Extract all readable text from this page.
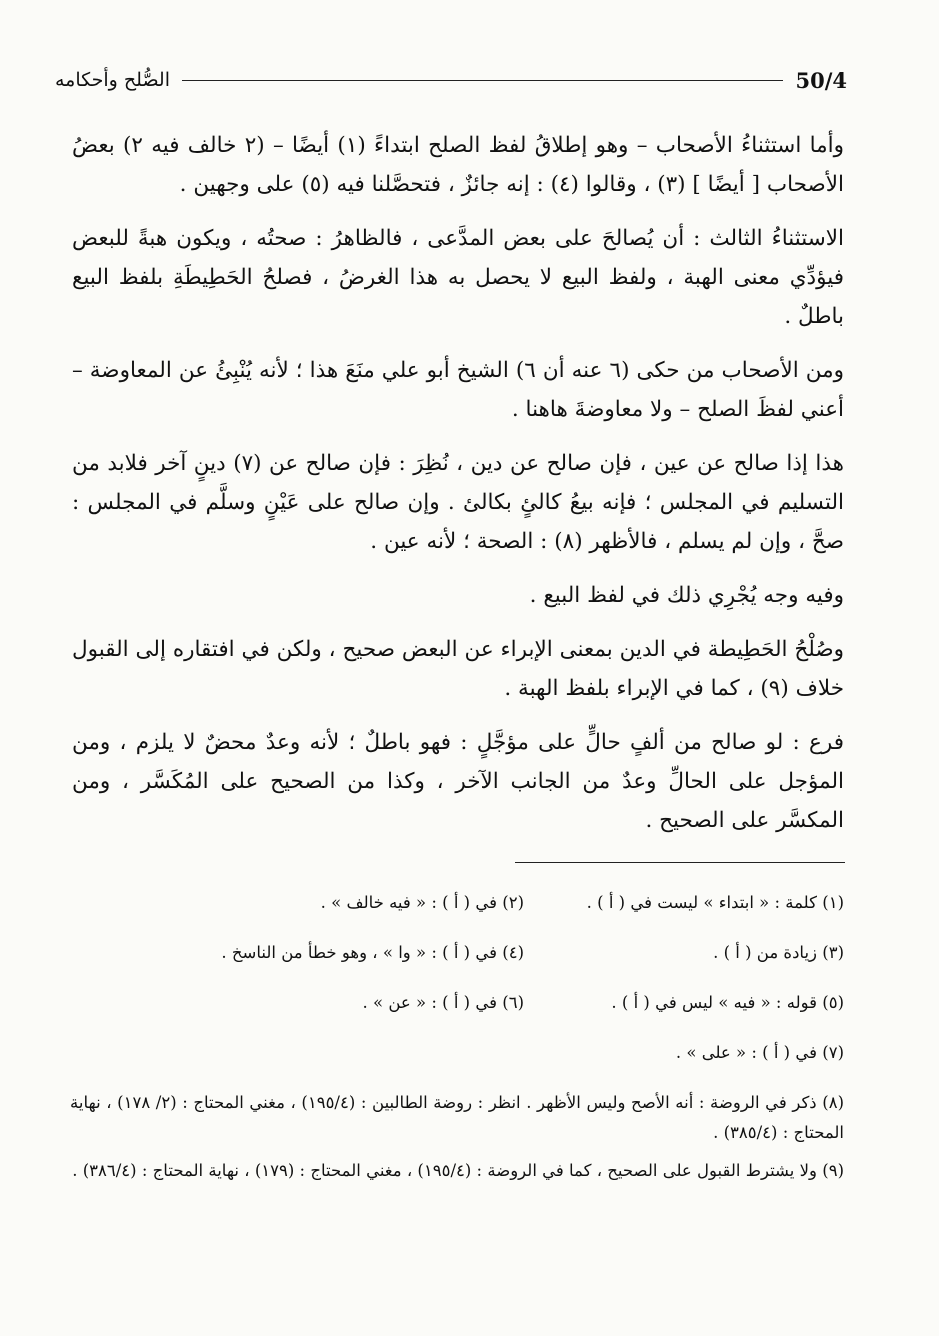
الصُّلح وأحكامه	50/4

وأما استثناءُ الأصحاب – وهو إطلاقُ لفظ الصلح ابتداءً (١) أيضًا – (٢ خالف فيه ٢) بعضُ الأصحاب [ أيضًا ] (٣) ، وقالوا (٤) : إنه جائزٌ ، فتحصَّلنا فيه (٥) على وجهين .

الاستثناءُ الثالث : أن يُصالحَ على بعض المدَّعى ، فالظاهرُ : صحتُه ، ويكون هبةً للبعض فيؤدِّي معنى الهبة ، ولفظ البيع لا يحصل به هذا الغرضُ ، فصلحُ الحَطِيطَةِ بلفظ البيع باطلٌ .

ومن الأصحاب من حكى (٦ عنه أن ٦) الشيخ أبو علي منَعَ هذا ؛ لأنه يُنْبِئُ عن المعاوضة – أعني لفظَ الصلح – ولا معاوضةَ هاهنا .

هذا إذا صالح عن عين ، فإن صالح عن دين ، نُظِرَ : فإن صالح عن (٧) دينٍ آخر فلابد من التسليم في المجلس ؛ فإنه بيعُ كالئٍ بكالئ . وإن صالح على عَيْنٍ وسلَّم في المجلس : صحَّ ، وإن لم يسلم ، فالأظهر (٨) : الصحة ؛ لأنه عين .

وفيه وجه يُجْرِي ذلك في لفظ البيع .

وصُلْحُ الحَطِيطة في الدين بمعنى الإبراء عن البعض صحيح ، ولكن في افتقاره إلى القبول خلاف (٩) ، كما في الإبراء بلفظ الهبة .

فرع : لو صالح من ألفٍ حالٍّ على مؤجَّلٍ : فهو باطلٌ ؛ لأنه وعدٌ محضٌ لا يلزم ، ومن المؤجل على الحالِّ وعدٌ من الجانب الآخر ، وكذا من الصحيح على المُكَسَّر ، ومن المكسَّر على الصحيح .

(١) كلمة : « ابتداء » ليست في ( أ ) .
(٢) في ( أ ) : « فيه خالف » .
(٣) زيادة من ( أ ) .
(٤) في ( أ ) : « وا » ، وهو خطأ من الناسخ .
(٥) قوله : « فيه » ليس في ( أ ) .
(٦) في ( أ ) : « عن » .
(٧) في ( أ ) : « على » .

(٨) ذكر في الروضة : أنه الأصح وليس الأظهر . انظر : روضة الطالبين : (١٩٥/٤) ، مغني المحتاج : (٢/ ١٧٨) ، نهاية المحتاج : (٣٨٥/٤) .

(٩) ولا يشترط القبول على الصحيح ، كما في الروضة : (١٩٥/٤) ، مغني المحتاج : (١٧٩) ، نهاية المحتاج : (٣٨٦/٤) .
